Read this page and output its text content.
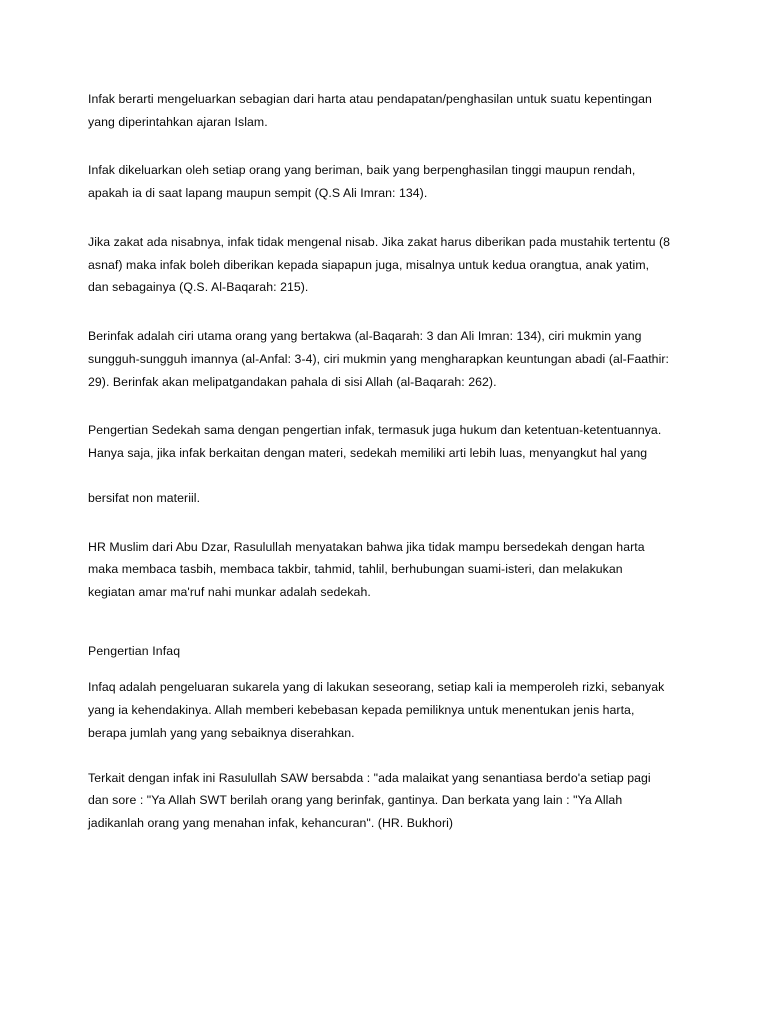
Infak berarti mengeluarkan sebagian dari harta atau pendapatan/penghasilan untuk suatu kepentingan yang diperintahkan ajaran Islam.

Infak dikeluarkan oleh setiap orang yang beriman, baik yang berpenghasilan tinggi maupun rendah, apakah ia di saat lapang maupun sempit (Q.S Ali Imran: 134).

Jika zakat ada nisabnya, infak tidak mengenal nisab. Jika zakat harus diberikan pada mustahik tertentu (8 asnaf) maka infak boleh diberikan kepada siapapun juga, misalnya untuk kedua orangtua, anak yatim, dan sebagainya (Q.S. Al-Baqarah: 215).

Berinfak adalah ciri utama orang yang bertakwa (al-Baqarah: 3 dan Ali Imran: 134), ciri mukmin yang sungguh-sungguh imannya (al-Anfal: 3-4), ciri mukmin yang mengharapkan keuntungan abadi (al-Faathir: 29). Berinfak akan melipatgandakan pahala di sisi Allah (al-Baqarah: 262).

Pengertian Sedekah sama dengan pengertian infak, termasuk juga hukum dan ketentuan-ketentuannya. Hanya saja, jika infak berkaitan dengan materi, sedekah memiliki arti lebih luas, menyangkut hal yang

bersifat non materiil.

HR Muslim dari Abu Dzar, Rasulullah menyatakan bahwa jika tidak mampu bersedekah dengan harta maka membaca tasbih, membaca takbir, tahmid, tahlil, berhubungan suami-isteri, dan melakukan kegiatan amar ma'ruf nahi munkar adalah sedekah.

Pengertian Infaq

Infaq adalah pengeluaran sukarela yang di lakukan seseorang, setiap kali ia memperoleh rizki, sebanyak yang ia kehendakinya. Allah memberi kebebasan kepada pemiliknya untuk menentukan jenis harta, berapa jumlah yang yang sebaiknya diserahkan.

Terkait dengan infak ini Rasulullah SAW bersabda : "ada malaikat yang senantiasa berdo'a setiap pagi dan sore : "Ya Allah SWT berilah orang yang berinfak, gantinya. Dan berkata yang lain : "Ya Allah jadikanlah orang yang menahan infak, kehancuran". (HR. Bukhori)
